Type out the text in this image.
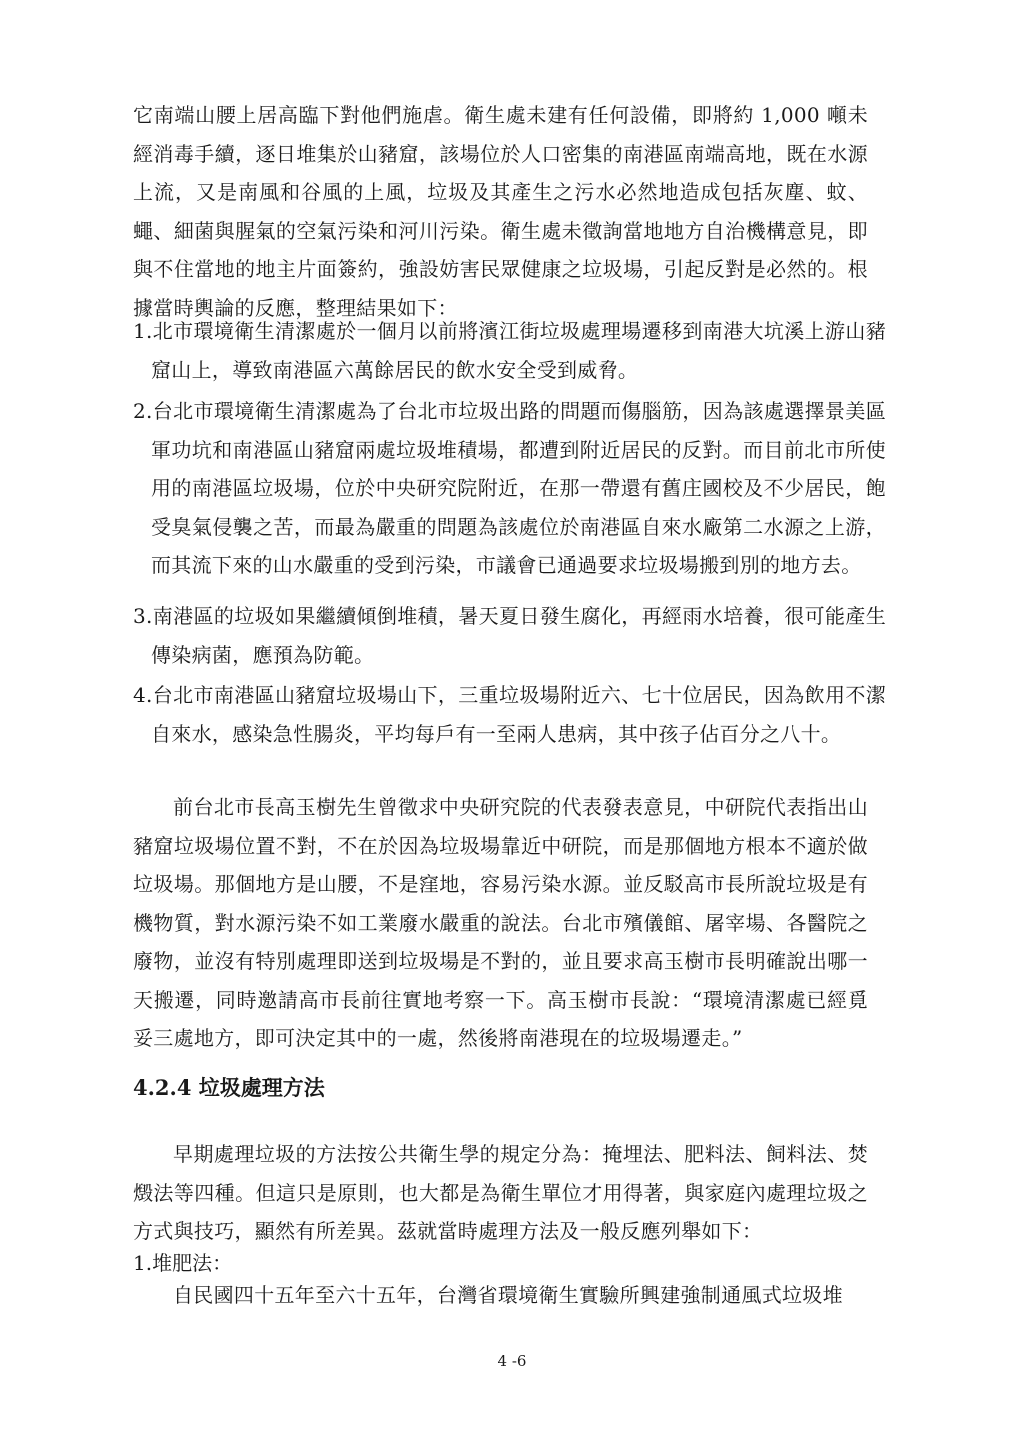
它南端山腰上居高臨下對他們施虐。衛生處未建有任何設備，即將約 1,000 噸未經消毒手續，逐日堆集於山豬窟，該場位於人口密集的南港區南端高地，既在水源上流，又是南風和谷風的上風，垃圾及其產生之污水必然地造成包括灰塵、蚊、蠅、細菌與腥氣的空氣污染和河川污染。衛生處未徵詢當地地方自治機構意見，即與不住當地的地主片面簽約，強設妨害民眾健康之垃圾場，引起反對是必然的。根據當時輿論的反應，整理結果如下：

1.北市環境衛生清潔處於一個月以前將濱江街垃圾處理場遷移到南港大坑溪上游山豬窟山上，導致南港區六萬餘居民的飲水安全受到威脅。

2.台北市環境衛生清潔處為了台北市垃圾出路的問題而傷腦筋，因為該處選擇景美區軍功坑和南港區山豬窟兩處垃圾堆積場，都遭到附近居民的反對。而目前北市所使用的南港區垃圾場，位於中央研究院附近，在那一帶還有舊庄國校及不少居民，飽受臭氣侵襲之苦，而最為嚴重的問題為該處位於南港區自來水廠第二水源之上游，而其流下來的山水嚴重的受到污染，市議會已通過要求垃圾場搬到別的地方去。

3.南港區的垃圾如果繼續傾倒堆積，暑天夏日發生腐化，再經雨水培養，很可能產生傳染病菌，應預為防範。

4.台北市南港區山豬窟垃圾場山下，三重垃圾場附近六、七十位居民，因為飲用不潔自來水，感染急性腸炎，平均每戶有一至兩人患病，其中孩子佔百分之八十。

前台北市長高玉樹先生曾徵求中央研究院的代表發表意見，中研院代表指出山豬窟垃圾場位置不對，不在於因為垃圾場靠近中研院，而是那個地方根本不適於做垃圾場。那個地方是山腰，不是窪地，容易污染水源。並反駁高市長所說垃圾是有機物質，對水源污染不如工業廢水嚴重的說法。台北市殯儀館、屠宰場、各醫院之廢物，並沒有特別處理即送到垃圾場是不對的，並且要求高玉樹市長明確說出哪一天搬遷，同時邀請高市長前往實地考察一下。高玉樹市長說：“環境清潔處已經覓妥三處地方，即可決定其中的一處，然後將南港現在的垃圾場遷走。”

4.2.4 垃圾處理方法

早期處理垃圾的方法按公共衛生學的規定分為：掩埋法、肥料法、飼料法、焚燬法等四種。但這只是原則，也大都是為衛生單位才用得著，與家庭內處理垃圾之方式與技巧，顯然有所差異。茲就當時處理方法及一般反應列舉如下：

1.堆肥法：

自民國四十五年至六十五年，台灣省環境衛生實驗所興建強制通風式垃圾堆

4 -6
